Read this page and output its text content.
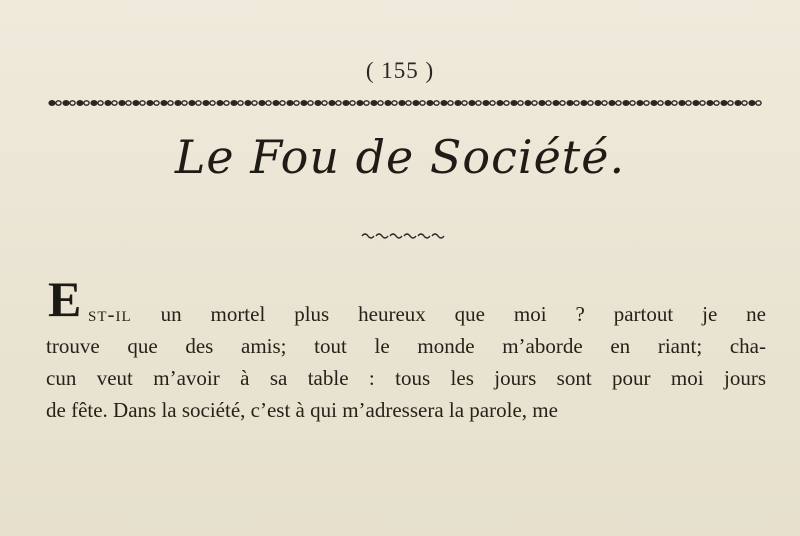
( 155 )
Le Fou de Société.
E st-il un mortel plus heureux que moi ? partout je ne
trouve que des amis; tout le monde m’aborde en riant; cha-
cun veut m’avoir à sa table : tous les jours sont pour moi jours
de fête. Dans la société, c’est à qui m’adressera la parole, me
